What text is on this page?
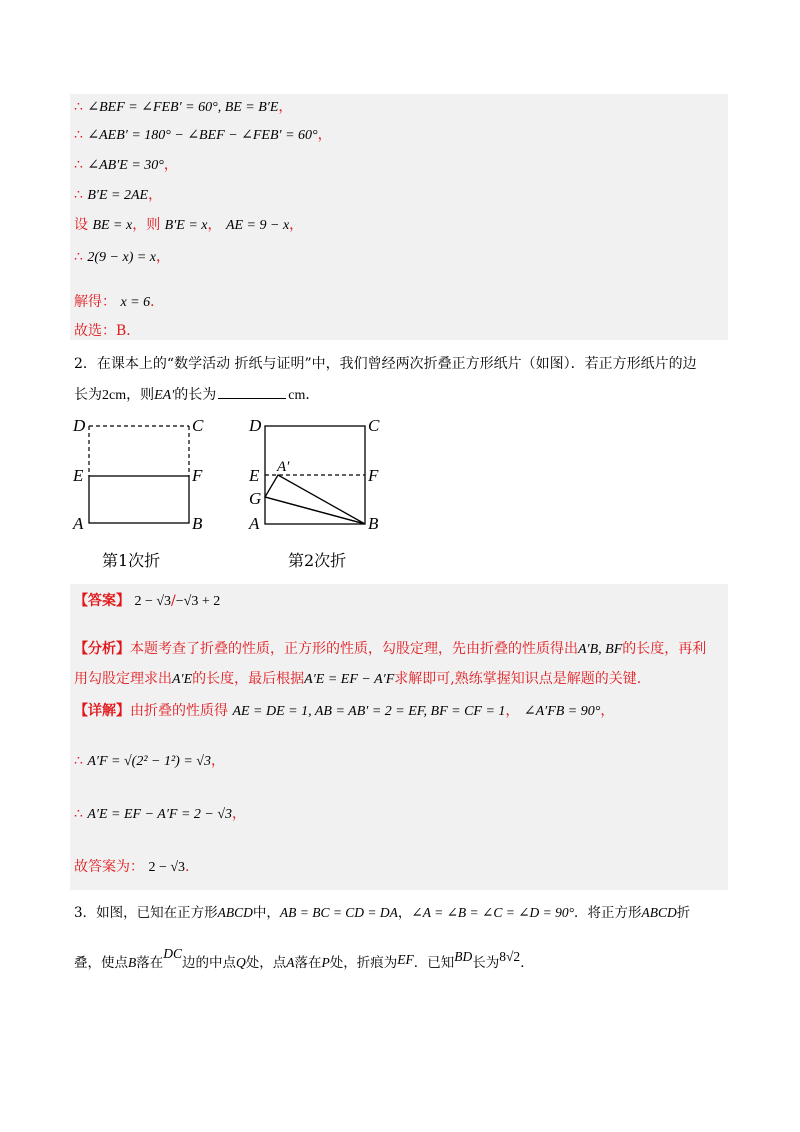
∴ ∠BEF = ∠FEB′ = 60°, BE = B′E，
∴ ∠AEB′ = 180° − ∠BEF − ∠FEB′ = 60°，
∴ ∠AB′E = 30°，
∴ B′E = 2AE，
设 BE = x，则 B′E = x， AE = 9 − x，
∴ 2(9 − x) = x，
解得： x = 6．
故选：B．
2．在课本上的“数学活动 折纸与证明”中，我们曾经两次折叠正方形纸片（如图）．若正方形纸片的边
长为2cm，则EA′的长为	cm．
D	C
E	F
A	B
第1次折
D	C
E A′	F
G
A	B
第2次折
【答案】 2 − √3/−√3 + 2
【分析】本题考查了折叠的性质，正方形的性质，勾股定理，先由折叠的性质得出A′B, BF的长度，再利
用勾股定理求出A′E的长度，最后根据A′E = EF − A′F求解即可,熟练掌握知识点是解题的关键.
【详解】由折叠的性质得 AE = DE = 1, AB = AB′ = 2 = EF, BF = CF = 1， ∠A′FB = 90°，
∴ A′F = √(2² − 1²) = √3，
∴ A′E = EF − A′F = 2 − √3，
故答案为： 2 − √3.
3．如图，已知在正方形ABCD中，AB = BC = CD = DA，∠A = ∠B = ∠C = ∠D = 90°．将正方形ABCD折
叠，使点B落在DC边的中点Q处，点A落在P处，折痕为EF．已知BD长为8√2．
